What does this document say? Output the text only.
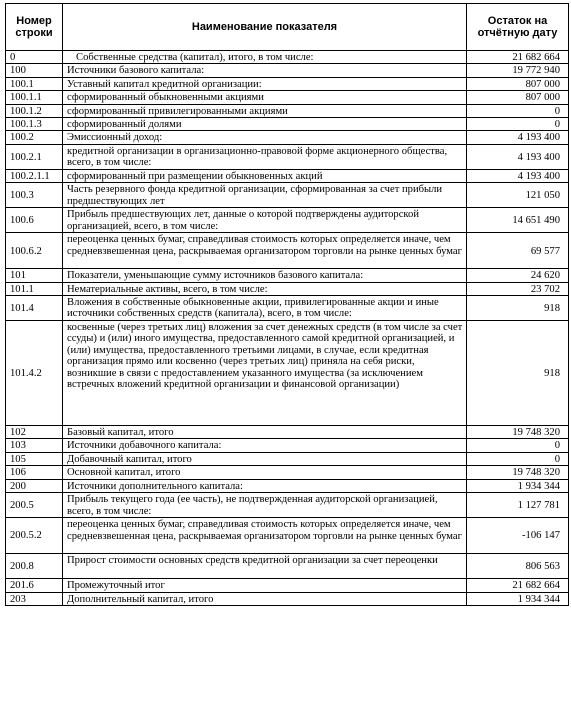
Номер строки	Наименование показателя	Остаток на отчётную дату
0	Собственные средства (капитал), итого, в том числе:	21 682 664
100	Источники базового капитала:	19 772 940
100.1	Уставный капитал кредитной организации:	807 000
100.1.1	сформированный обыкновенными акциями	807 000
100.1.2	сформированный привилегированными акциями	0
100.1.3	сформированный долями	0
100.2	Эмиссионный доход:	4 193 400
100.2.1	кредитной организации в организационно-правовой форме акционерного общества, всего, в том числе:	4 193 400
100.2.1.1	сформированный при размещении обыкновенных акций	4 193 400
100.3	Часть резервного фонда кредитной организации, сформированная за счет прибыли предшествующих лет	121 050
100.6	Прибыль предшествующих лет, данные о которой подтверждены аудиторской организацией, всего, в том числе:	14 651 490
100.6.2	переоценка ценных бумаг, справедливая стоимость которых определяется иначе, чем средневзвешенная цена, раскрываемая организатором торговли на рынке ценных бумаг	69 577
101	Показатели, уменьшающие сумму источников базового капитала:	24 620
101.1	Нематериальные активы, всего, в том числе:	23 702
101.4	Вложения в собственные обыкновенные акции, привилегированные акции и иные источники собственных средств (капитала), всего, в том числе:	918
101.4.2	косвенные (через третьих лиц) вложения за счет денежных средств (в том числе за счет ссуды) и (или) иного имущества, предоставленного самой кредитной организацией, и (или) имущества, предоставленного третьими лицами, в случае, если кредитная организация прямо или косвенно (через третьих лиц) приняла на себя риски, возникшие в связи с предоставлением указанного имущества (за исключением встречных вложений кредитной организации и финансовой организации)	918
102	Базовый капитал, итого	19 748 320
103	Источники добавочного капитала:	0
105	Добавочный капитал, итого	0
106	Основной капитал, итого	19 748 320
200	Источники дополнительного капитала:	1 934 344
200.5	Прибыль текущего года (ее часть), не подтвержденная аудиторской организацией, всего, в том числе:	1 127 781
200.5.2	переоценка ценных бумаг, справедливая стоимость которых определяется иначе, чем средневзвешенная цена, раскрываемая организатором торговли на рынке ценных бумаг	-106 147
200.8	Прирост стоимости основных средств кредитной организации за счет переоценки	806 563
201.6	Промежуточный итог	21 682 664
203	Дополнительный капитал, итого	1 934 344
